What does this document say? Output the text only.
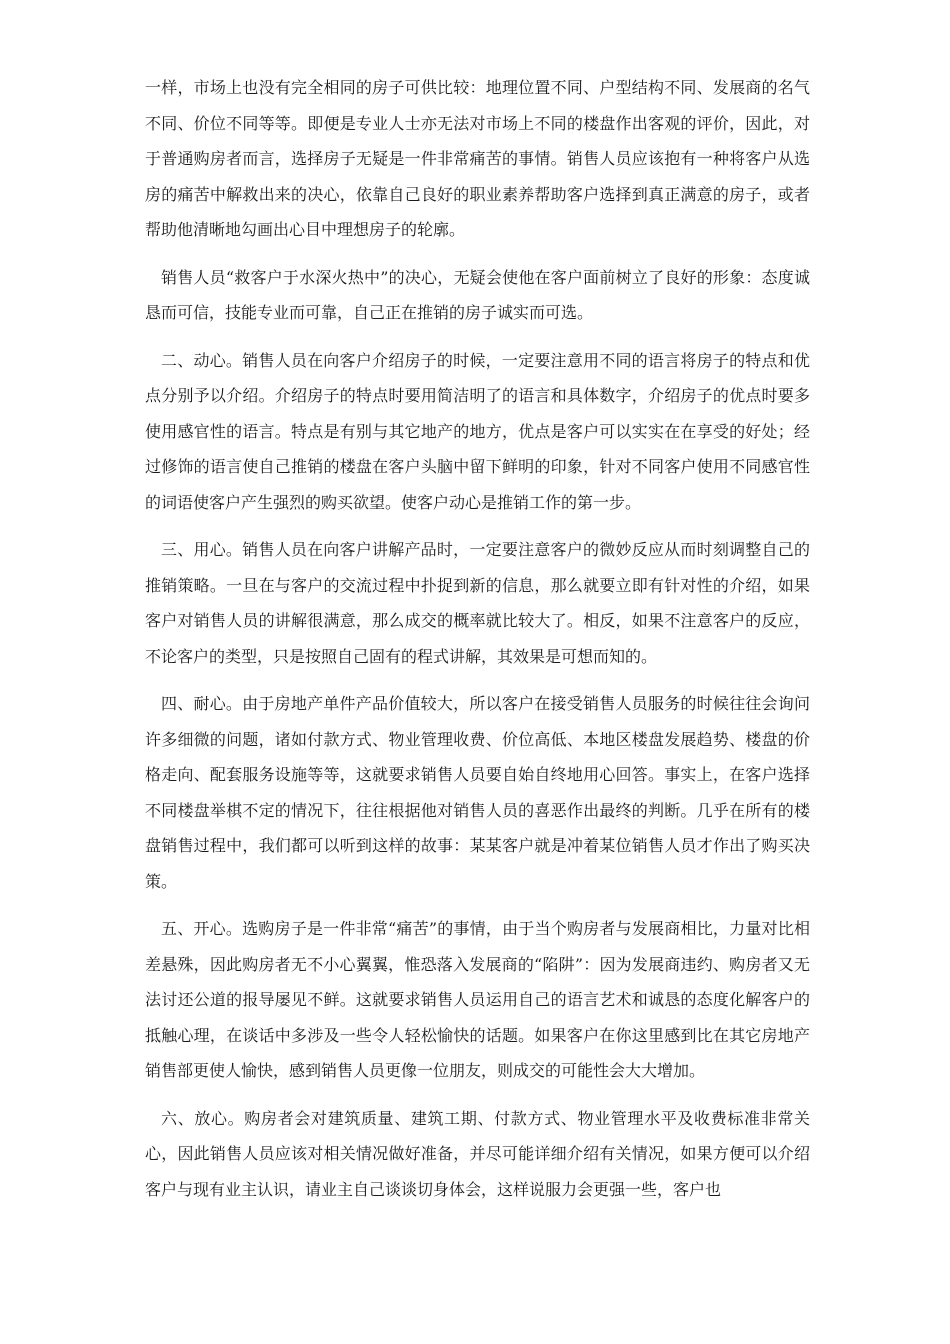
一样，市场上也没有完全相同的房子可供比较：地理位置不同、户型结构不同、发展商的名气不同、价位不同等等。即便是专业人士亦无法对市场上不同的楼盘作出客观的评价，因此，对于普通购房者而言，选择房子无疑是一件非常痛苦的事情。销售人员应该抱有一种将客户从选房的痛苦中解救出来的决心，依靠自己良好的职业素养帮助客户选择到真正满意的房子，或者帮助他清晰地勾画出心目中理想房子的轮廓。

销售人员“救客户于水深火热中”的决心，无疑会使他在客户面前树立了良好的形象：态度诚恳而可信，技能专业而可靠，自己正在推销的房子诚实而可选。

二、动心。销售人员在向客户介绍房子的时候，一定要注意用不同的语言将房子的特点和优点分别予以介绍。介绍房子的特点时要用简洁明了的语言和具体数字，介绍房子的优点时要多使用感官性的语言。特点是有别与其它地产的地方，优点是客户可以实实在在享受的好处；经过修饰的语言使自己推销的楼盘在客户头脑中留下鲜明的印象，针对不同客户使用不同感官性的词语使客户产生强烈的购买欲望。使客户动心是推销工作的第一步。

三、用心。销售人员在向客户讲解产品时，一定要注意客户的微妙反应从而时刻调整自己的推销策略。一旦在与客户的交流过程中扑捉到新的信息，那么就要立即有针对性的介绍，如果客户对销售人员的讲解很满意，那么成交的概率就比较大了。相反，如果不注意客户的反应，不论客户的类型，只是按照自己固有的程式讲解，其效果是可想而知的。

四、耐心。由于房地产单件产品价值较大，所以客户在接受销售人员服务的时候往往会询问许多细微的问题，诸如付款方式、物业管理收费、价位高低、本地区楼盘发展趋势、楼盘的价格走向、配套服务设施等等，这就要求销售人员要自始自终地用心回答。事实上，在客户选择不同楼盘举棋不定的情况下，往往根据他对销售人员的喜恶作出最终的判断。几乎在所有的楼盘销售过程中，我们都可以听到这样的故事：某某客户就是冲着某位销售人员才作出了购买决策。

五、开心。选购房子是一件非常“痛苦”的事情，由于当个购房者与发展商相比，力量对比相差悬殊，因此购房者无不小心翼翼，惟恐落入发展商的“陷阱”：因为发展商违约、购房者又无法讨还公道的报导屡见不鲜。这就要求销售人员运用自己的语言艺术和诚恳的态度化解客户的抵触心理，在谈话中多涉及一些令人轻松愉快的话题。如果客户在你这里感到比在其它房地产销售部更使人愉快，感到销售人员更像一位朋友，则成交的可能性会大大增加。

六、放心。购房者会对建筑质量、建筑工期、付款方式、物业管理水平及收费标准非常关心，因此销售人员应该对相关情况做好准备，并尽可能详细介绍有关情况，如果方便可以介绍客户与现有业主认识，请业主自己谈谈切身体会，这样说服力会更强一些，客户也
